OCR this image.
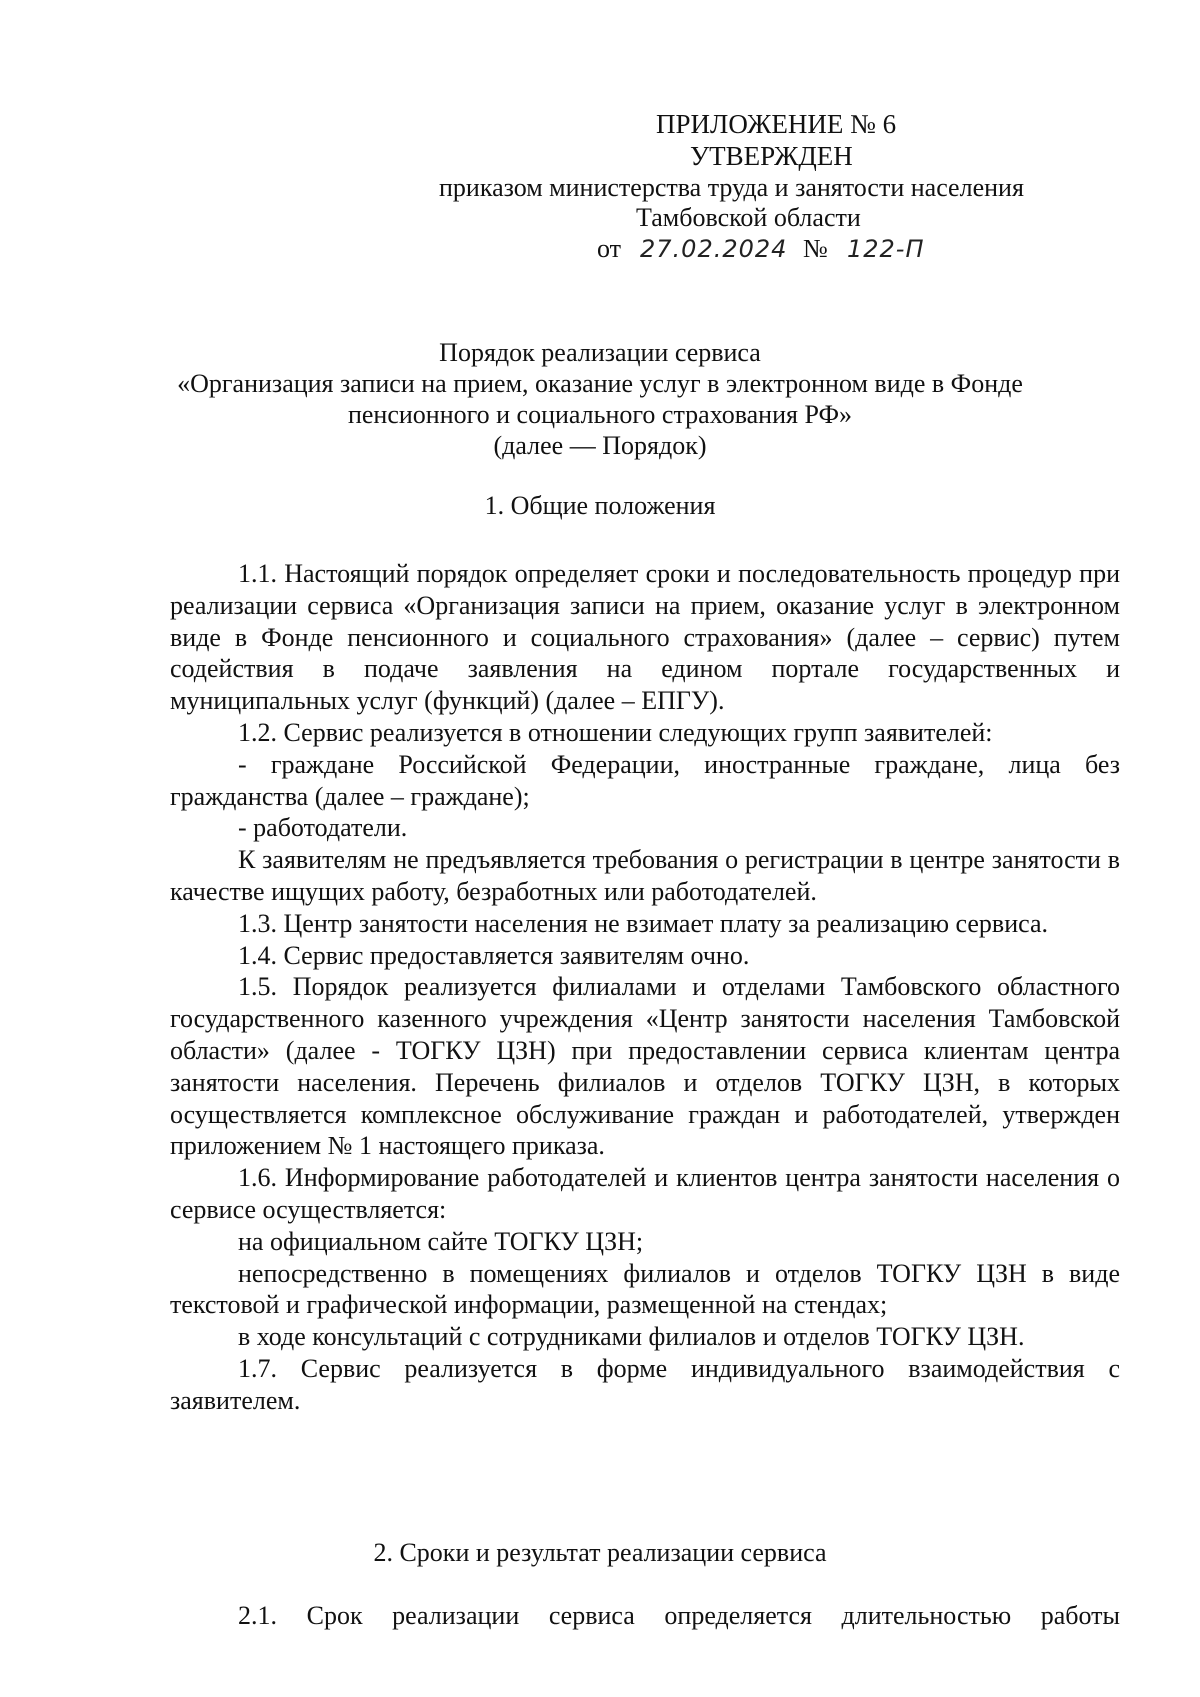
ПРИЛОЖЕНИЕ № 6
УТВЕРЖДЕН
приказом министерства труда и занятости населения
Тамбовской области
от 27.02.2024 № 122-П
Порядок реализации сервиса
«Организация записи на прием, оказание услуг в электронном виде в Фонде
пенсионного и социального страхования РФ»
(далее — Порядок)
1. Общие положения

1.1. Настоящий порядок определяет сроки и последовательность процедур при реализации сервиса «Организация записи на прием, оказание услуг в электронном виде в Фонде пенсионного и социального страхования» (далее – сервис) путем содействия в подаче заявления на едином портале государственных и муниципальных услуг (функций) (далее – ЕПГУ).

1.2. Сервис реализуется в отношении следующих групп заявителей:

- граждане Российской Федерации, иностранные граждане, лица без гражданства (далее – граждане);

- работодатели.

К заявителям не предъявляется требования о регистрации в центре занятости в качестве ищущих работу, безработных или работодателей.

1.3. Центр занятости населения не взимает плату за реализацию сервиса.

1.4. Сервис предоставляется заявителям очно.

1.5. Порядок реализуется филиалами и отделами Тамбовского областного государственного казенного учреждения «Центр занятости населения Тамбовской области» (далее - ТОГКУ ЦЗН) при предоставлении сервиса клиентам центра занятости населения. Перечень филиалов и отделов ТОГКУ ЦЗН, в которых осуществляется комплексное обслуживание граждан и работодателей, утвержден приложением № 1 настоящего приказа.

1.6. Информирование работодателей и клиентов центра занятости населения о сервисе осуществляется:

на официальном сайте ТОГКУ ЦЗН;

непосредственно в помещениях филиалов и отделов ТОГКУ ЦЗН в виде текстовой и графической информации, размещенной на стендах;

в ходе консультаций с сотрудниками филиалов и отделов ТОГКУ ЦЗН.

1.7. Сервис реализуется в форме индивидуального взаимодействия с заявителем.

2. Сроки и результат реализации сервиса

2.1. Срок реализации сервиса определяется длительностью работы
